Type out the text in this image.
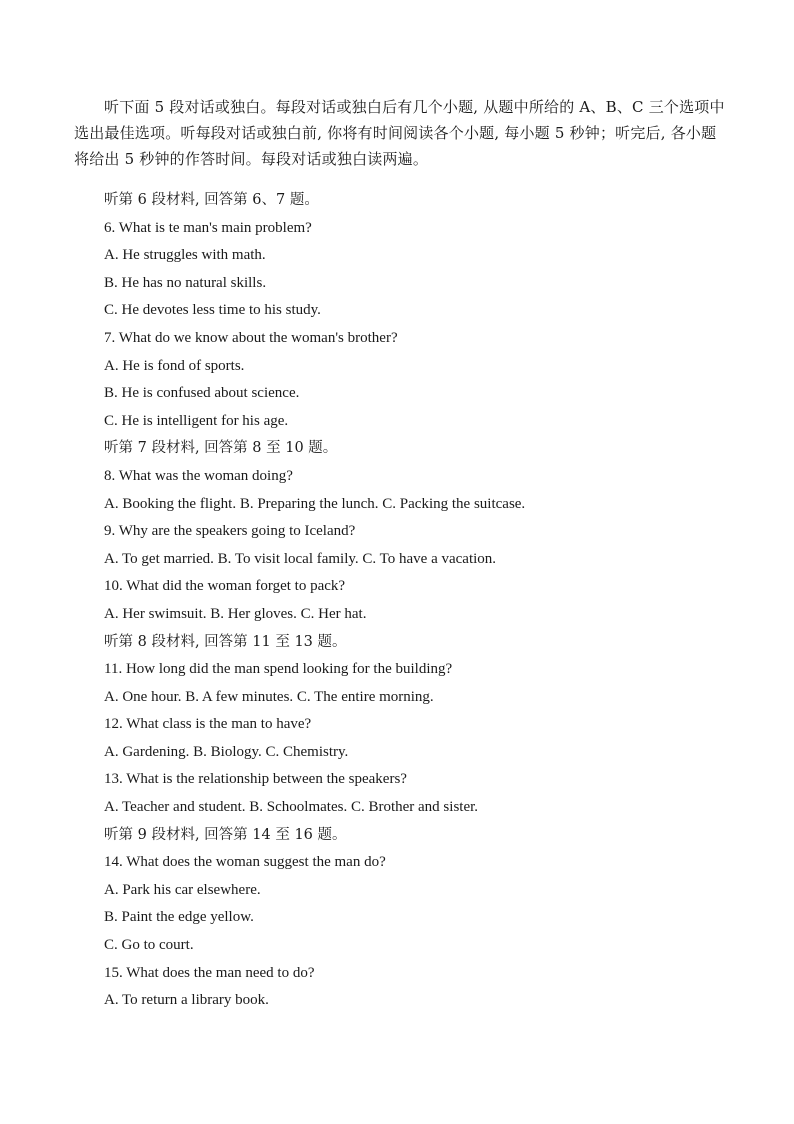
听下面 5 段对话或独白。每段对话或独白后有几个小题, 从题中所给的 A、B、C 三个选项中选出最佳选项。听每段对话或独白前, 你将有时间阅读各个小题, 每小题 5 秒钟；听完后, 各小题将给出 5 秒钟的作答时间。每段对话或独白读两遍。

听第 6 段材料, 回答第 6、7 题。
6. What is te man's main problem?
A. He struggles with math.
B. He has no natural skills.
C. He devotes less time to his study.
7. What do we know about the woman's brother?
A. He is fond of sports.
B. He is confused about science.
C. He is intelligent for his age.
听第 7 段材料, 回答第 8 至 10 题。
8. What was the woman doing?
A. Booking the flight. B. Preparing the lunch. C. Packing the suitcase.
9. Why are the speakers going to Iceland?
A. To get married. B. To visit local family. C. To have a vacation.
10. What did the woman forget to pack?
A. Her swimsuit. B. Her gloves. C. Her hat.
听第 8 段材料, 回答第 11 至 13 题。
11. How long did the man spend looking for the building?
A. One hour. B. A few minutes. C. The entire morning.
12. What class is the man to have?
A. Gardening. B. Biology. C. Chemistry.
13. What is the relationship between the speakers?
A. Teacher and student. B. Schoolmates. C. Brother and sister.
听第 9 段材料, 回答第 14 至 16 题。
14. What does the woman suggest the man do?
A. Park his car elsewhere.
B. Paint the edge yellow.
C. Go to court.
15. What does the man need to do?
A. To return a library book.
